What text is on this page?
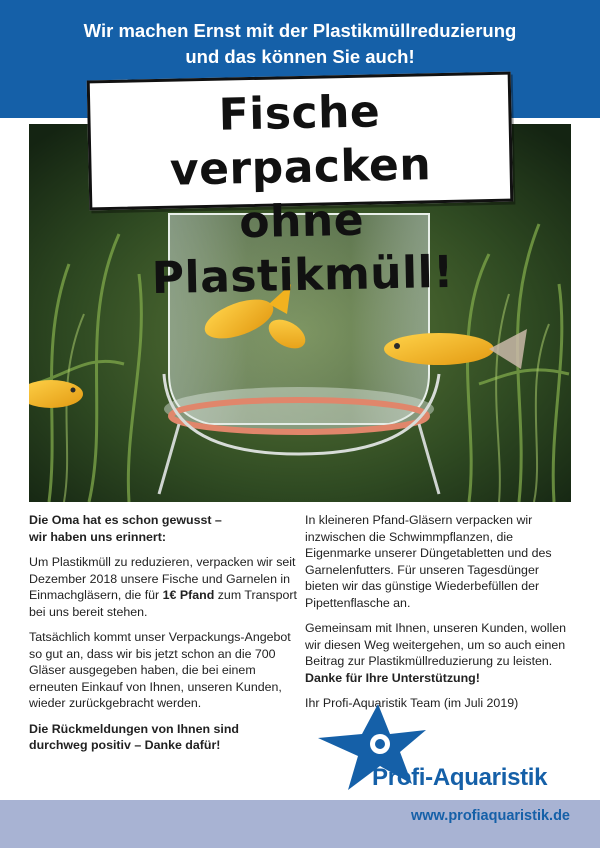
Wir machen Ernst mit der Plastikmüllreduzierung
und das können Sie auch!
Fische verpacken
ohne Plastikmüll!

Die Oma hat es schon gewusst –
wir haben uns erinnert:

Um Plastikmüll zu reduzieren, verpacken wir seit Dezember 2018 unsere Fische und Garnelen in Einmachgläsern, die für 1€ Pfand zum Transport bei uns bereit stehen.

Tatsächlich kommt unser Verpackungs-Angebot so gut an, dass wir bis jetzt schon an die 700 Gläser ausgegeben haben, die bei einem erneuten Einkauf von Ihnen, unseren Kunden, wieder zurückgebracht werden.

Die Rückmeldungen von Ihnen sind
durchweg positiv – Danke dafür!

In kleineren Pfand-Gläsern verpacken wir inzwischen die Schwimmpflanzen, die Eigenmarke unserer Düngetabletten und des Garnelenfutters. Für unseren Tagesdünger bieten wir das günstige Wiederbefüllen der Pipettenflasche an.

Gemeinsam mit Ihnen, unseren Kunden, wollen wir diesen Weg weitergehen, um so auch einen Beitrag zur Plastikmüllreduzierung zu leisten.
Danke für Ihre Unterstützung!

Ihr Profi-Aquaristik Team (im Juli 2019)

Profi-Aquaristik
www.profiaquaristik.de
